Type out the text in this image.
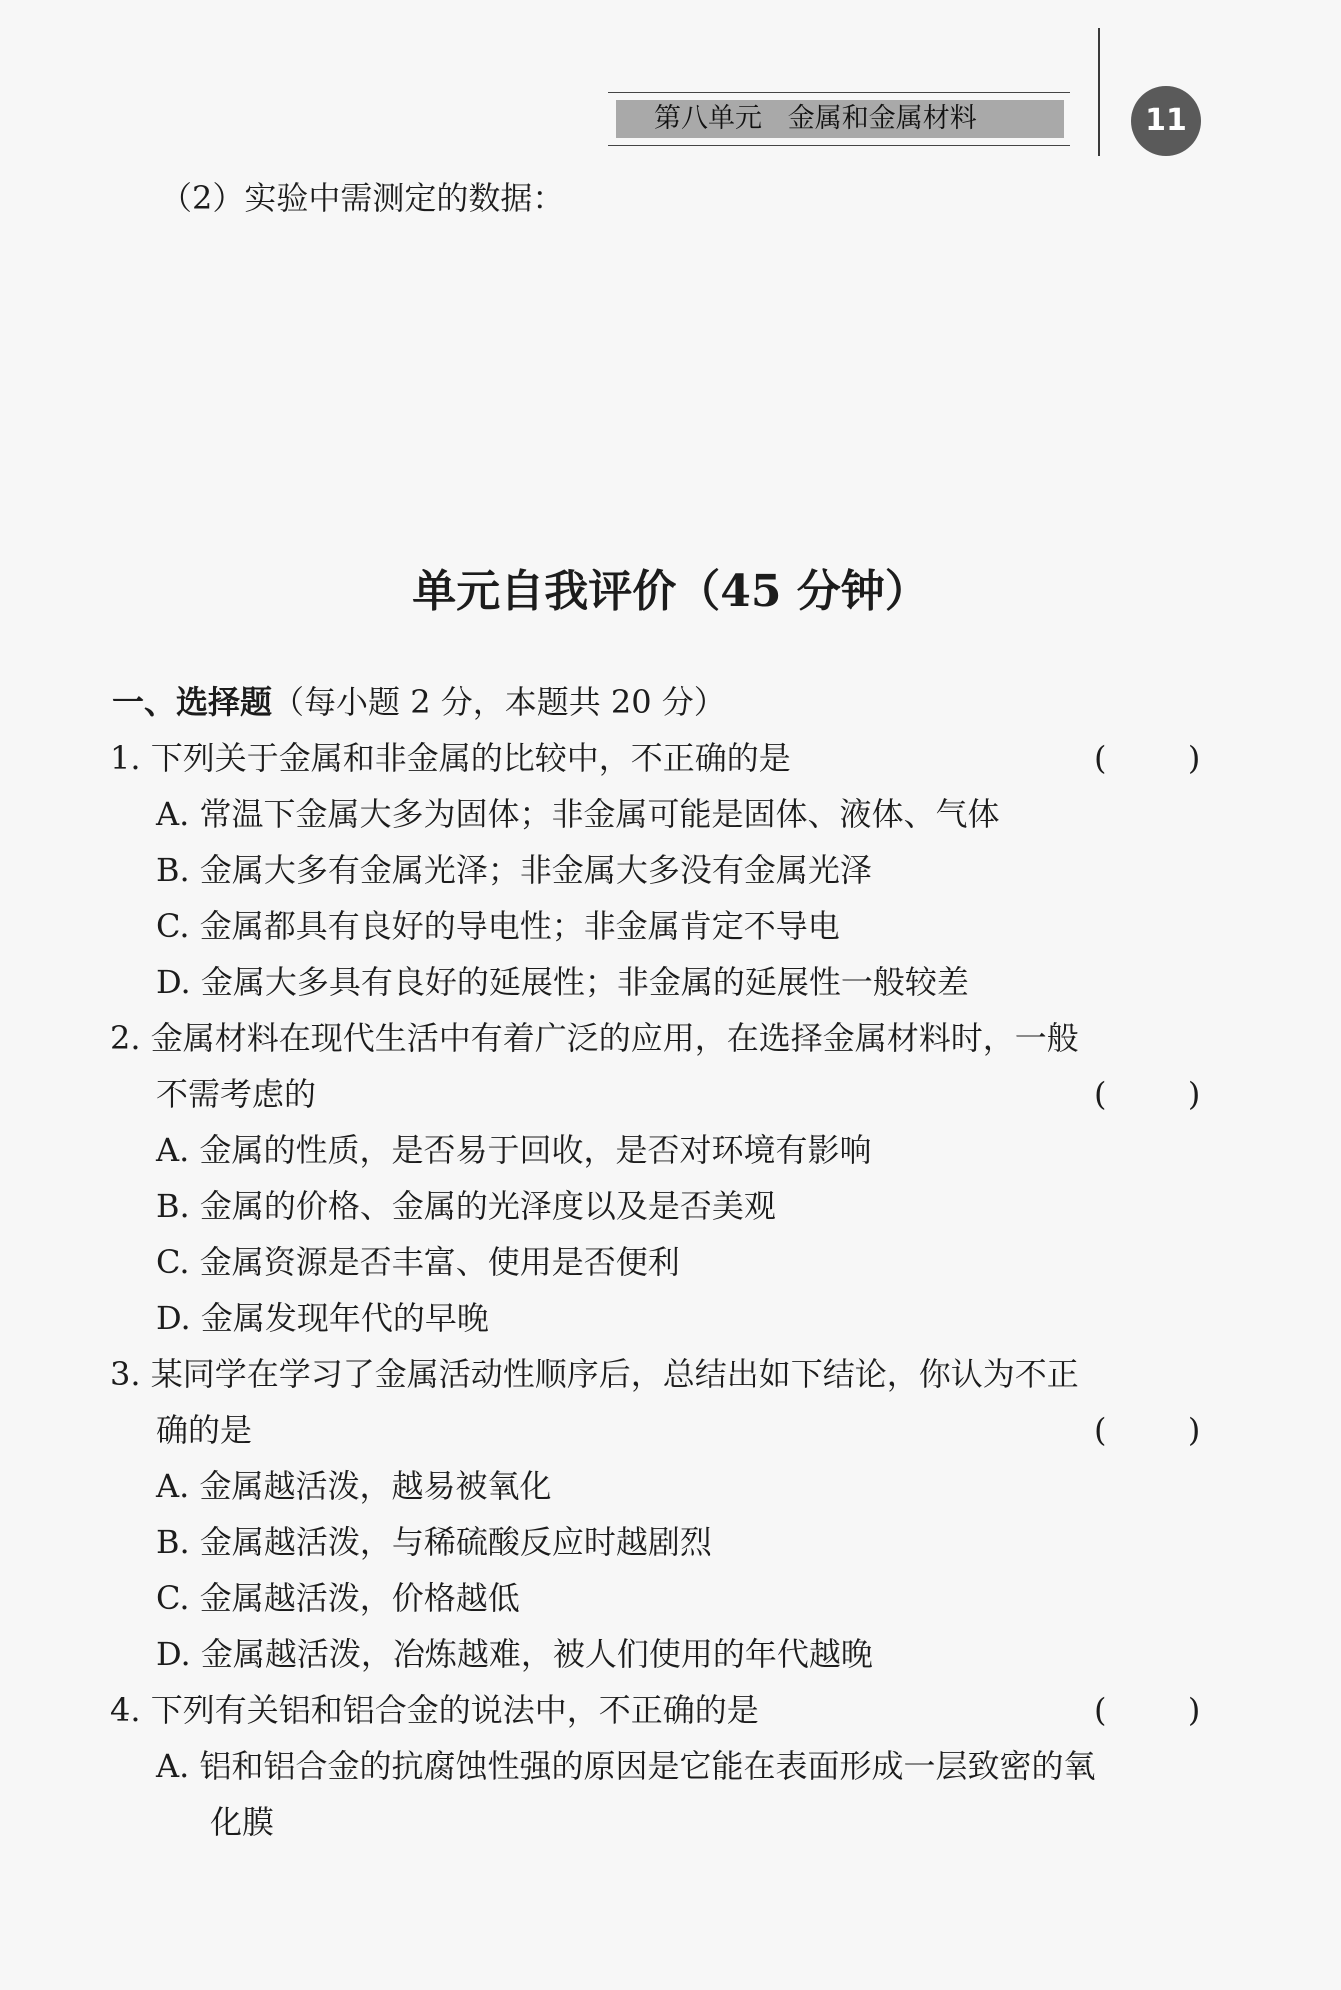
第八单元   金属和金属材料	11
（2）实验中需测定的数据：
单元自我评价（45 分钟）
一、选择题（每小题 2 分，本题共 20 分）
1. 下列关于金属和非金属的比较中，不正确的是	(        )
A. 常温下金属大多为固体；非金属可能是固体、液体、气体
B. 金属大多有金属光泽；非金属大多没有金属光泽
C. 金属都具有良好的导电性；非金属肯定不导电
D. 金属大多具有良好的延展性；非金属的延展性一般较差
2. 金属材料在现代生活中有着广泛的应用，在选择金属材料时，一般
不需考虑的	(        )
A. 金属的性质，是否易于回收，是否对环境有影响
B. 金属的价格、金属的光泽度以及是否美观
C. 金属资源是否丰富、使用是否便利
D. 金属发现年代的早晚
3. 某同学在学习了金属活动性顺序后，总结出如下结论，你认为不正
确的是	(        )
A. 金属越活泼，越易被氧化
B. 金属越活泼，与稀硫酸反应时越剧烈
C. 金属越活泼，价格越低
D. 金属越活泼，冶炼越难，被人们使用的年代越晚
4. 下列有关铝和铝合金的说法中，不正确的是	(        )
A. 铝和铝合金的抗腐蚀性强的原因是它能在表面形成一层致密的氧
化膜
